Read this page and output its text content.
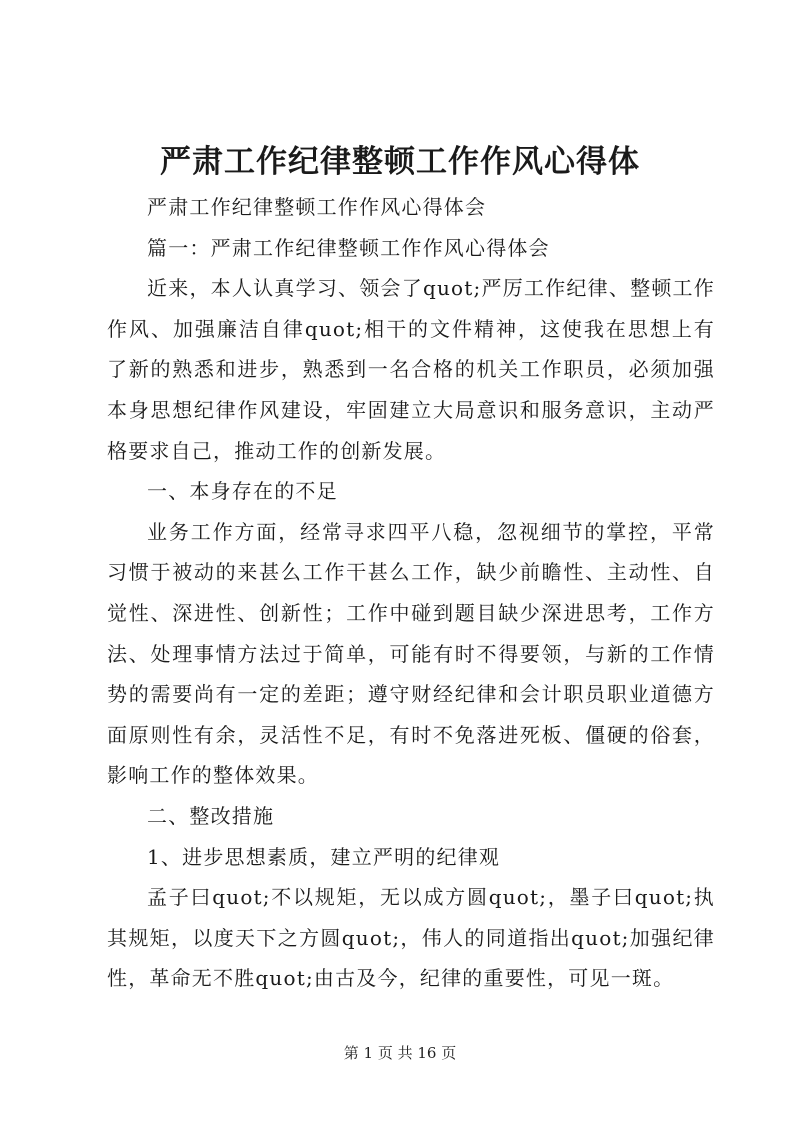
严肃工作纪律整顿工作作风心得体

严肃工作纪律整顿工作作风心得体会

篇一：严肃工作纪律整顿工作作风心得体会

近来，本人认真学习、领会了quot;严厉工作纪律、整顿工作作风、加强廉洁自律quot;相干的文件精神，这使我在思想上有了新的熟悉和进步，熟悉到一名合格的机关工作职员，必须加强本身思想纪律作风建设，牢固建立大局意识和服务意识，主动严格要求自己，推动工作的创新发展。

一、本身存在的不足

业务工作方面，经常寻求四平八稳，忽视细节的掌控，平常习惯于被动的来甚么工作干甚么工作，缺少前瞻性、主动性、自觉性、深进性、创新性；工作中碰到题目缺少深进思考，工作方法、处理事情方法过于简单，可能有时不得要领，与新的工作情势的需要尚有一定的差距；遵守财经纪律和会计职员职业道德方面原则性有余，灵活性不足，有时不免落进死板、僵硬的俗套，影响工作的整体效果。

二、整改措施

1、进步思想素质，建立严明的纪律观

孟子曰quot;不以规矩，无以成方圆quot;，墨子曰quot;执其规矩，以度天下之方圆quot;，伟人的同道指出quot;加强纪律性，革命无不胜quot;由古及今，纪律的重要性，可见一斑。

第 1 页 共 16 页
